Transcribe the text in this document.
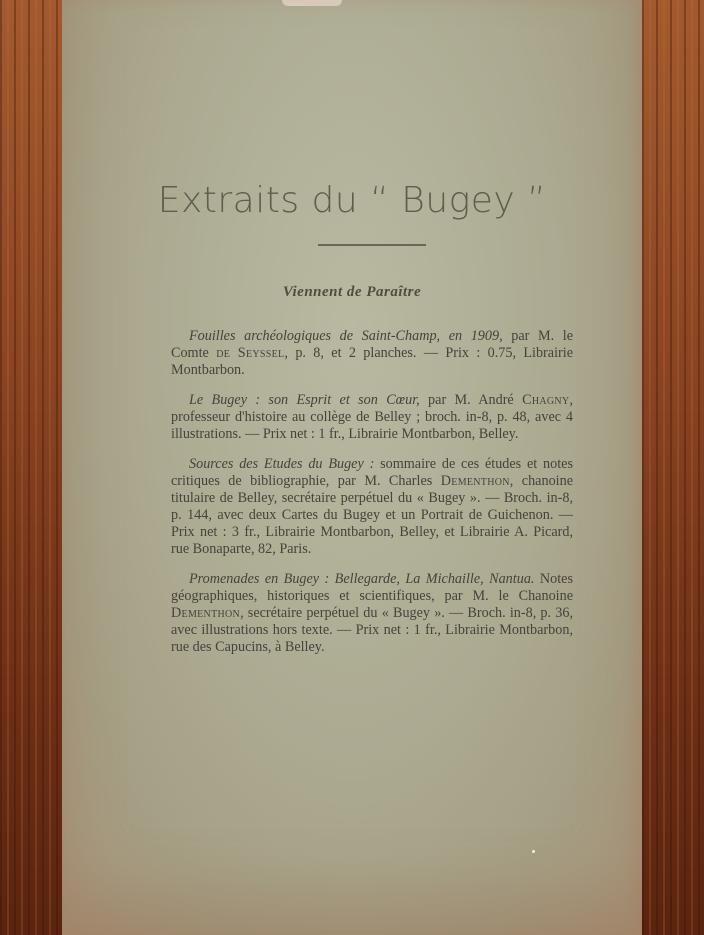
Extraits du “ Bugey ”
Viennent de Paraître

Fouilles archéologiques de Saint-Champ, en 1909, par M. le Comte de Seyssel, p. 8, et 2 planches. — Prix : 0.75, Librairie Montbarbon.

Le Bugey : son Esprit et son Cœur, par M. André Chagny, professeur d'histoire au collège de Belley ; broch. in-8, p. 48, avec 4 illustrations. — Prix net : 1 fr., Librairie Montbarbon, Belley.

Sources des Etudes du Bugey : sommaire de ces études et notes critiques de bibliographie, par M. Charles Dementhon, chanoine titulaire de Belley, secrétaire perpétuel du « Bugey ». — Broch. in-8, p. 144, avec deux Cartes du Bugey et un Portrait de Guichenon. — Prix net : 3 fr., Librairie Montbarbon, Belley, et Librairie A. Picard, rue Bonaparte, 82, Paris.

Promenades en Bugey : Bellegarde, La Michaille, Nantua. Notes géographiques, historiques et scientifiques, par M. le Chanoine Dementhon, secrétaire perpétuel du « Bugey ». — Broch. in-8, p. 36, avec illustrations hors texte. — Prix net : 1 fr., Librairie Montbarbon, rue des Capucins, à Belley.
